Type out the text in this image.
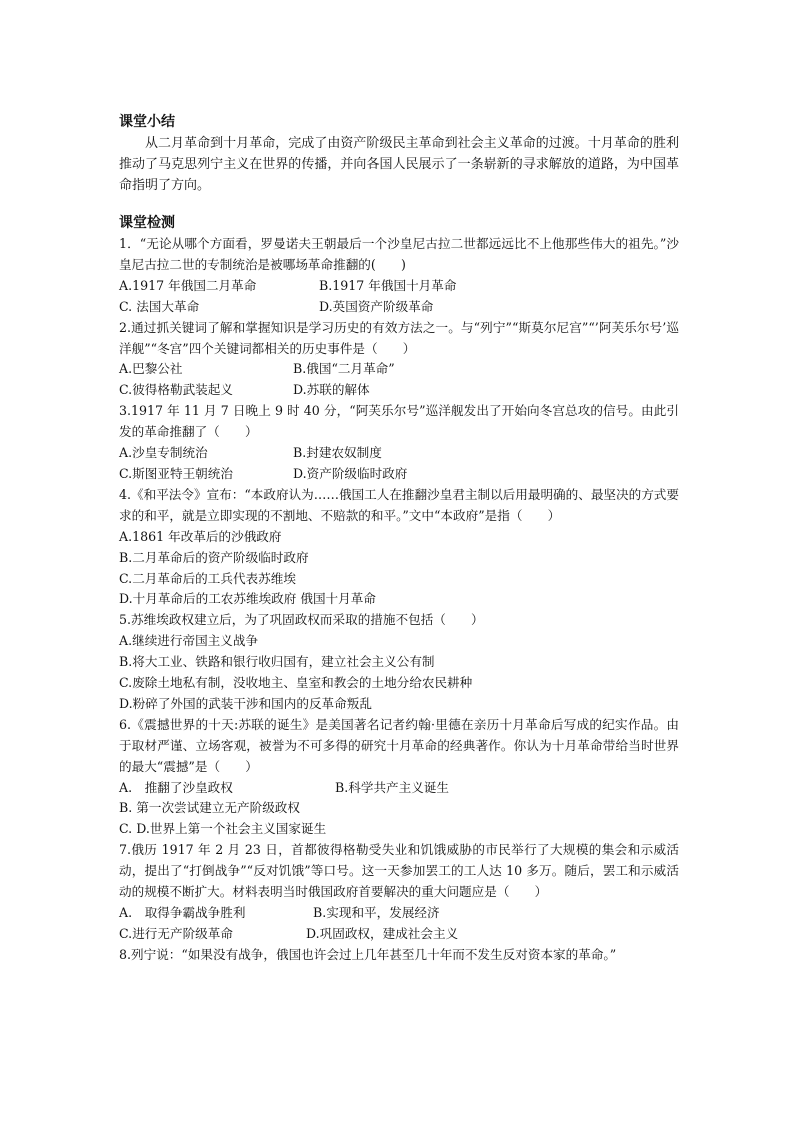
课堂小结

从二月革命到十月革命，完成了由资产阶级民主革命到社会主义革命的过渡。十月革命的胜利推动了马克思列宁主义在世界的传播，并向各国人民展示了一条崭新的寻求解放的道路，为中国革命指明了方向。

课堂检测

1．“无论从哪个方面看，罗曼诺夫王朝最后一个沙皇尼古拉二世都远远比不上他那些伟大的祖先。”沙皇尼古拉二世的专制统治是被哪场革命推翻的(　　)

A.1917 年俄国二月革命	B.1917 年俄国十月革命
C. 法国大革命	D.英国资产阶级革命

2.通过抓关键词了解和掌握知识是学习历史的有效方法之一。与“列宁”“斯莫尔尼宫”“’阿芙乐尔号’巡洋舰”“冬宫”四个关键词都相关的历史事件是（　　）

A.巴黎公社	B.俄国“二月革命”
C.彼得格勒武装起义	D.苏联的解体

3.1917 年 11 月 7 日晚上 9 时 40 分，“阿芙乐尔号”巡洋舰发出了开始向冬宫总攻的信号。由此引发的革命推翻了（　　）

A.沙皇专制统治	B.封建农奴制度
C.斯图亚特王朝统治	D.资产阶级临时政府

4.《和平法令》宣布：“本政府认为……俄国工人在推翻沙皇君主制以后用最明确的、最坚决的方式要求的和平，就是立即实现的不割地、不赔款的和平。”文中“本政府”是指（　　）

A.1861 年改革后的沙俄政府

B.二月革命后的资产阶级临时政府

C.二月革命后的工兵代表苏维埃

D.十月革命后的工农苏维埃政府 俄国十月革命

5.苏维埃政权建立后，为了巩固政权而采取的措施不包括（　　）

A.继续进行帝国主义战争

B.将大工业、铁路和银行收归国有，建立社会主义公有制

C.废除土地私有制，没收地主、皇室和教会的土地分给农民耕种

D.粉碎了外国的武装干涉和国内的反革命叛乱

6.《震撼世界的十天:苏联的诞生》是美国著名记者约翰·里德在亲历十月革命后写成的纪实作品。由于取材严谨、立场客观，被誉为不可多得的研究十月革命的经典著作。你认为十月革命带给当时世界的最大“震撼”是（　　）

A.　推翻了沙皇政权	B.科学共产主义诞生

B. 第一次尝试建立无产阶级政权

C. D.世界上第一个社会主义国家诞生

7.俄历 1917 年 2 月 23 日，首都彼得格勒受失业和饥饿威胁的市民举行了大规模的集会和示威活动，提出了“打倒战争”“反对饥饿”等口号。这一天参加罢工的工人达 10 多万。随后，罢工和示威活动的规模不断扩大。材料表明当时俄国政府首要解决的重大问题应是（　　）

A.　取得争霸战争胜利	B.实现和平，发展经济
C.进行无产阶级革命	D.巩固政权，建成社会主义

8.列宁说：“如果没有战争，俄国也许会过上几年甚至几十年而不发生反对资本家的革命。”
